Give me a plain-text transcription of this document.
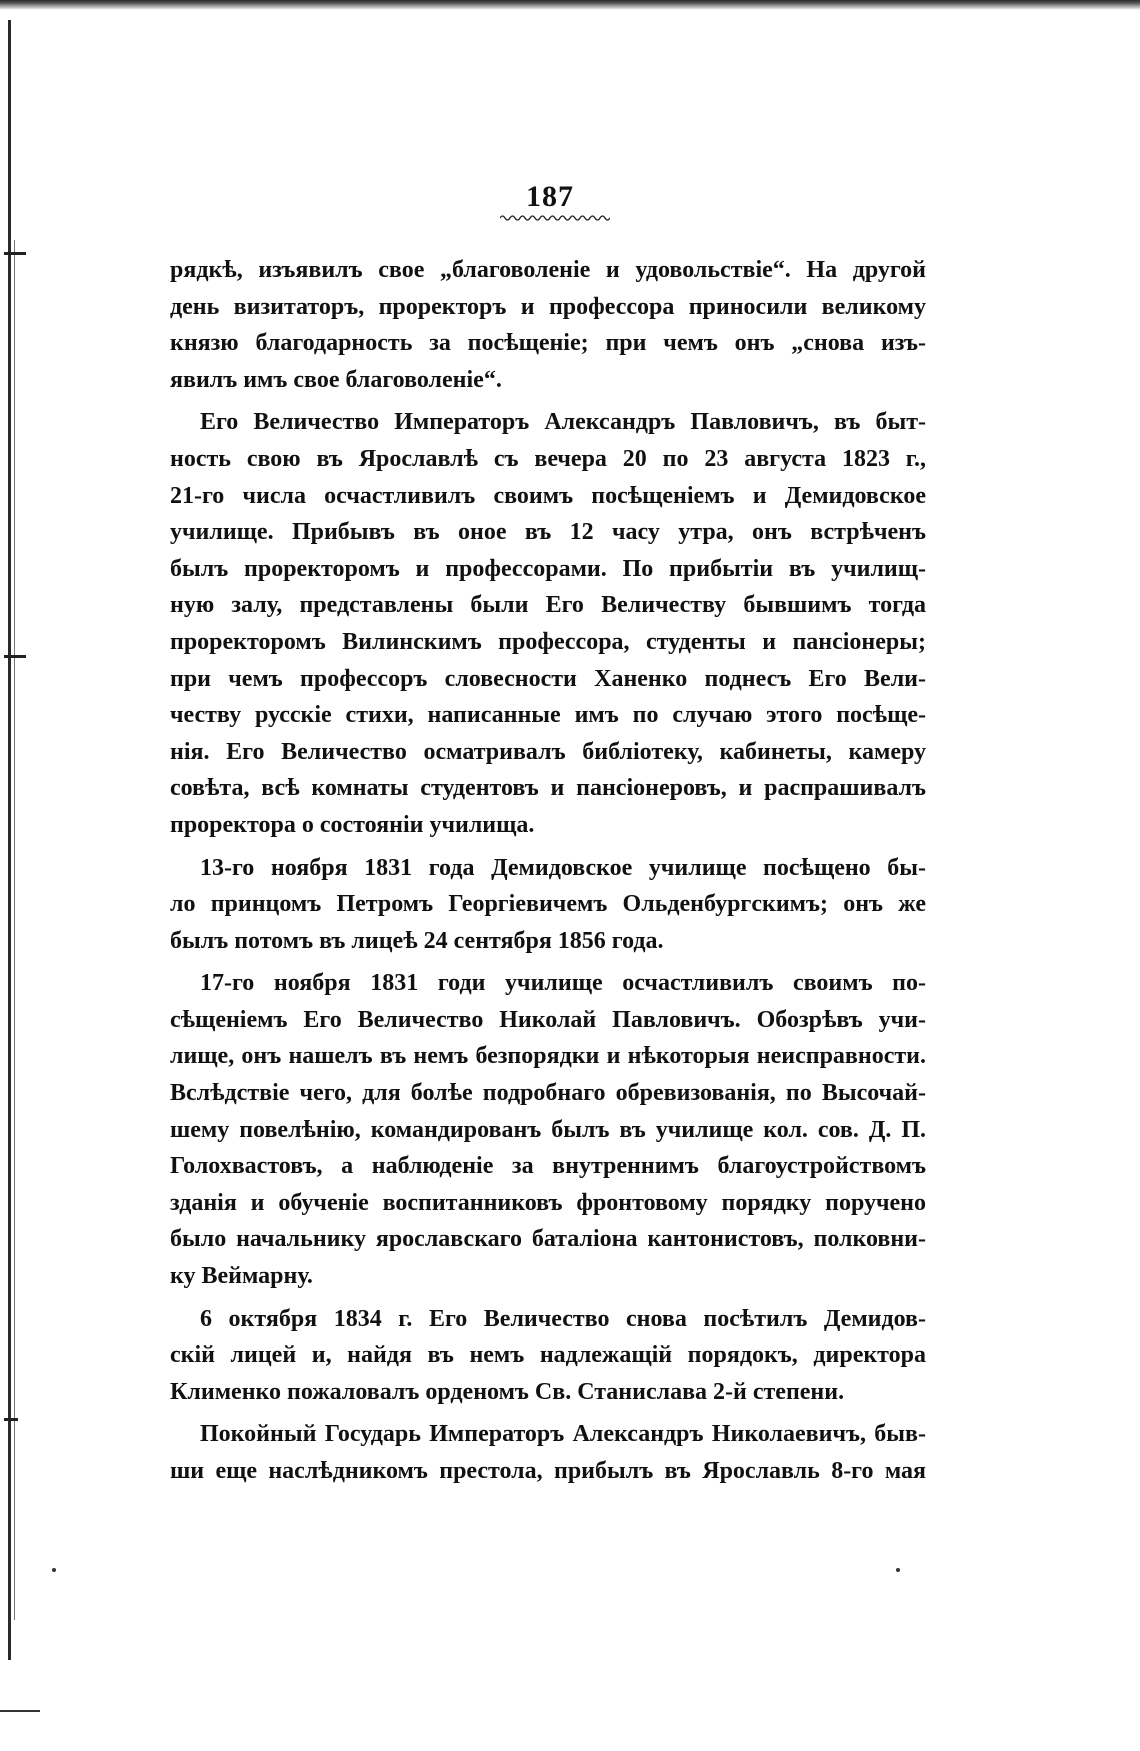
187
рядкѣ, изъявилъ свое „благоволеніе и удовольствіе“. На другой
день визитаторъ, проректоръ и профессора приносили великому
князю благодарность за посѣщеніе; при чемъ онъ „снова изъ-
явилъ имъ свое благоволеніе“.
Его Величество Императоръ Александръ Павловичъ, въ быт-
ность свою въ Ярославлѣ съ вечера 20 по 23 августа 1823 г.,
21-го числа осчастливилъ своимъ посѣщеніемъ и Демидовское
училище. Прибывъ въ оное въ 12 часу утра, онъ встрѣченъ
былъ проректоромъ и профессорами. По прибытіи въ училищ-
ную залу, представлены были Его Величеству бывшимъ тогда
проректоромъ Вилинскимъ профессора, студенты и пансіонеры;
при чемъ профессоръ словесности Ханенко поднесъ Его Вели-
честву русскіе стихи, написанные имъ по случаю этого посѣще-
нія. Его Величество осматривалъ библіотеку, кабинеты, камеру
совѣта, всѣ комнаты студентовъ и пансіонеровъ, и распрашивалъ
проректора о состояніи училища.
13-го ноября 1831 года Демидовское училище посѣщено бы-
ло принцомъ Петромъ Георгіевичемъ Ольденбургскимъ; онъ же
былъ потомъ въ лицеѣ 24 сентября 1856 года.
17-го ноября 1831 годи училище осчастливилъ своимъ по-
сѣщеніемъ Его Величество Николай Павловичъ. Обозрѣвъ учи-
лище, онъ нашелъ въ немъ безпорядки и нѣкоторыя неисправности.
Вслѣдствіе чего, для болѣе подробнаго обревизованія, по Высочай-
шему повелѣнію, командированъ былъ въ училище кол. сов. Д. П.
Голохвастовъ, а наблюденіе за внутреннимъ благоустройствомъ
зданія и обученіе воспитанниковъ фронтовому порядку поручено
было начальнику ярославскаго баталіона кантонистовъ, полковни-
ку Веймарну.
6 октября 1834 г. Его Величество снова посѣтилъ Демидов-
скій лицей и, найдя въ немъ надлежащій порядокъ, директора
Клименко пожаловалъ орденомъ Св. Станислава 2-й степени.
Покойный Государь Императоръ Александръ Николаевичъ, быв-
ши еще наслѣдникомъ престола, прибылъ въ Ярославль 8-го мая
